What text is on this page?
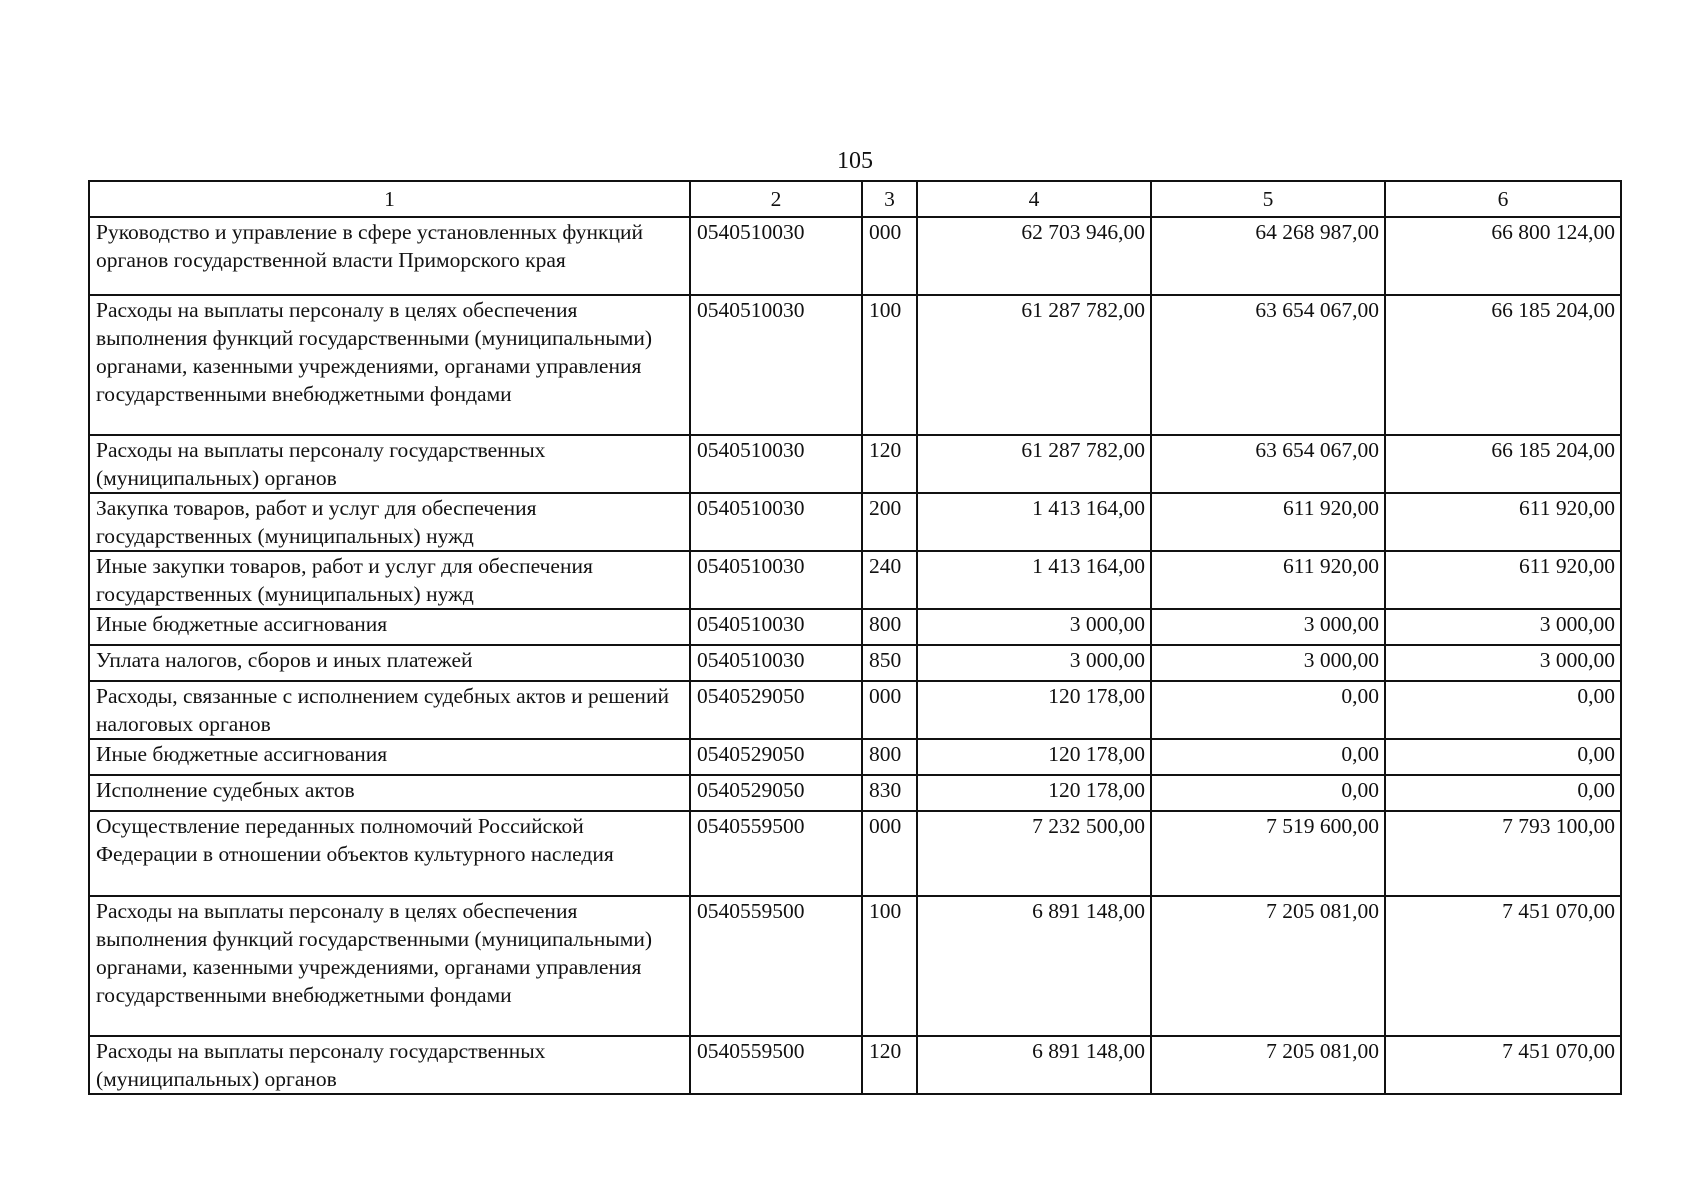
105
1	2	3	4	5	6
Руководство и управление в сфере установленных функций органов государственной власти Приморского края	0540510030	000	62 703 946,00	64 268 987,00	66 800 124,00
Расходы на выплаты персоналу в целях обеспечения выполнения функций государственными (муниципальными) органами, казенными учреждениями, органами управления государственными внебюджетными фондами	0540510030	100	61 287 782,00	63 654 067,00	66 185 204,00
Расходы на выплаты персоналу государственных (муниципальных) органов	0540510030	120	61 287 782,00	63 654 067,00	66 185 204,00
Закупка товаров, работ и услуг для обеспечения государственных (муниципальных) нужд	0540510030	200	1 413 164,00	611 920,00	611 920,00
Иные закупки товаров, работ и услуг для обеспечения государственных (муниципальных) нужд	0540510030	240	1 413 164,00	611 920,00	611 920,00
Иные бюджетные ассигнования	0540510030	800	3 000,00	3 000,00	3 000,00
Уплата налогов, сборов и иных платежей	0540510030	850	3 000,00	3 000,00	3 000,00
Расходы, связанные с исполнением судебных актов и решений налоговых органов	0540529050	000	120 178,00	0,00	0,00
Иные бюджетные ассигнования	0540529050	800	120 178,00	0,00	0,00
Исполнение судебных актов	0540529050	830	120 178,00	0,00	0,00
Осуществление переданных полномочий Российской Федерации в отношении объектов культурного наследия	0540559500	000	7 232 500,00	7 519 600,00	7 793 100,00
Расходы на выплаты персоналу в целях обеспечения выполнения функций государственными (муниципальными) органами, казенными учреждениями, органами управления государственными внебюджетными фондами	0540559500	100	6 891 148,00	7 205 081,00	7 451 070,00
Расходы на выплаты персоналу государственных (муниципальных) органов	0540559500	120	6 891 148,00	7 205 081,00	7 451 070,00
